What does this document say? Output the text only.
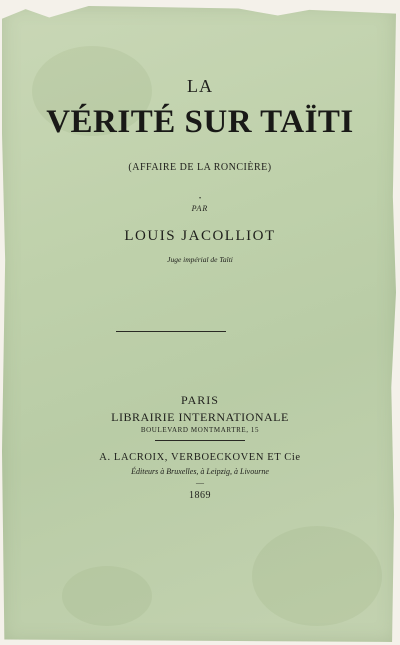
LA
VÉRITÉ SUR TAÏTI
(AFFAIRE DE LA RONCIÈRE)
•
PAR
LOUIS JACOLLIOT
Juge impérial de Taïti
PARIS
LIBRAIRIE INTERNATIONALE
BOULEVARD MONTMARTRE, 15
A. LACROIX, VERBOECKOVEN ET Cie
Éditeurs à Bruxelles, à Leipzig, à Livourne
—
1869
